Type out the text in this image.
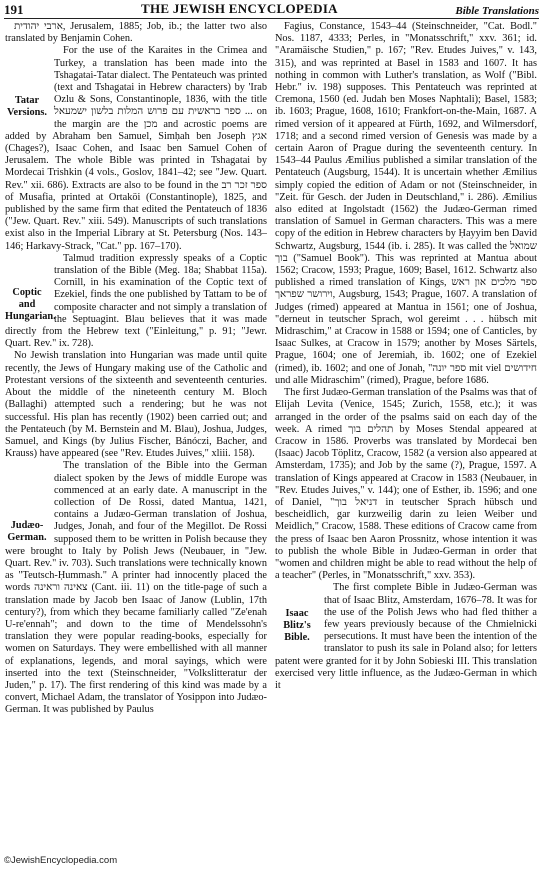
191	THE JEWISH ENCYCLOPEDIA	Bible Translations

ארבי יהודית, Jerusalem, 1885; Job, ib.; the latter two also translated by Benjamin Cohen.

Tatar Versions.

For the use of the Karaites in the Crimea and Turkey, a translation has been made into the Tshagatai-Tatar dialect. The Pentateuch was printed (text and Tshagatai in Hebrew characters) by 'Irab Ozlu & Sons, Constantinople, 1836, with the title ספר בראשית עם פרוש המלות בלשון ישמעאל ... on the margin are the מכן and acrostic poems are added by Abraham ben Samuel, Simḥah ben Joseph אגץ (Chages?), Isaac Cohen, and Isaac ben Samuel Cohen of Jerusalem. The whole Bible was printed in Tshagatai by Mordecai Trishkin (4 vols., Goslov, 1841–42; see "Jew. Quart. Rev." xii. 686). Extracts are also to be found in the ספר זכר רב of Musafia, printed at Ortaköi (Constantinople), 1825, and published by the same firm that edited the Pentateuch of 1836 ("Jew. Quart. Rev." xiii. 549). Manuscripts of such translations exist also in the Imperial Library at St. Petersburg (Nos. 143–146; Harkavy-Strack, "Cat." pp. 167–170).

Coptic and Hungarian.

Talmud tradition expressly speaks of a Coptic translation of the Bible (Meg. 18a; Shabbat 115a). Cornill, in his examination of the Coptic text of Ezekiel, finds the one published by Tattam to be of composite character and not simply a translation of the Septuagint. Blau believes that it was made directly from the Hebrew text ("Einleitung," p. 91; "Jewr. Quart. Rev." ix. 728).

No Jewish translation into Hungarian was made until quite recently, the Jews of Hungary making use of the Catholic and Protestant versions of the sixteenth and seventeenth centuries. About the middle of the nineteenth century M. Bloch (Ballaghi) attempted such a rendering; but he was not successful. His plan has recently (1902) been carried out; and the Pentateuch (by M. Bernstein and M. Blau), Joshua, Judges, Samuel, and Kings (by Julius Fischer, Bánóczi, Bacher, and Krauss) have appeared (see "Rev. Etudes Juives," xliii. 158).

Judæo-German.

The translation of the Bible into the German dialect spoken by the Jews of middle Europe was commenced at an early date. A manuscript in the collection of De Rossi, dated Mantua, 1421, contains a Judæo-German translation of Joshua, Judges, Jonah, and four of the Megillot. De Rossi supposed them to be written in Polish because they were brought to Italy by Polish Jews (Neubauer, in "Jew. Quart. Rev." iv. 703). Such translations were technically known as "Teutsch-Ḥummash." A printer had innocently placed the words צאינה וראינה (Cant. iii. 11) on the title-page of such a translation made by Jacob ben Isaac of Janow (Lublin, 17th century?), from which they became familiarly called "Ze'enah U-re'ennah"; and down to the time of Mendelssohn's translation they were popular reading-books, especially for women on Saturdays. They were embellished with all manner of explanations, legends, and moral sayings, which were inserted into the text (Steinschneider, "Volkslitteratur der Juden," p. 17). The first rendering of this kind was made by a convert, Michael Adam, the translator of Yosippon into Judæo-German. It was published by Paulus

Fagius, Constance, 1543–44 (Steinschneider, "Cat. Bodl." Nos. 1187, 4333; Perles, in "Monatsschrift," xxv. 361; id. "Aramäische Studien," p. 167; "Rev. Etudes Juives," v. 143, 315), and was reprinted at Basel in 1583 and 1607. It has nothing in common with Luther's translation, as Wolf ("Bibl. Hebr." iv. 198) supposes. This Pentateuch was reprinted at Cremona, 1560 (ed. Judah ben Moses Naphtali); Basel, 1583; ib. 1603; Prague, 1608, 1610; Frankfort-on-the-Main, 1687. A rimed version of it appeared at Fürth, 1692, and Wilmersdorf, 1718; and a second rimed version of Genesis was made by a certain Aaron of Prague during the seventeenth century. In 1543–44 Paulus Æmilius published a similar translation of the Pentateuch (Augsburg, 1544). It is uncertain whether Æmilius simply copied the edition of Adam or not (Steinschneider, in "Zeit. für Gesch. der Juden in Deutschland," i. 286). Æmilius also edited at Ingolstadt (1562) the Judæo-German rimed translation of Samuel in German characters. This was a mere copy of the edition in Hebrew characters by Ḥayyim ben David Schwartz, Augsburg, 1544 (ib. i. 285). It was called the שמואל בוך ("Samuel Book"). This was reprinted at Mantua about 1562; Cracow, 1593; Prague, 1609; Basel, 1612. Schwartz also published a rimed translation of Kings, ספר מלכים און ראש וירושר שפראך, Augsburg, 1543; Prague, 1607. A translation of Judges (rimed) appeared at Mantua in 1561; one of Joshua, "derneut in teutscher Sprach, wol gereimt . . . hübsch mit Midraschim," at Cracow in 1588 or 1594; one of Canticles, by Isaac Sulkes, at Cracow in 1579; another by Moses Särtels, Prague, 1604; one of Jeremiah, ib. 1602; one of Ezekiel (rimed), ib. 1602; and one of Jonah, "ספר יונה mit viel חידושים und alle Midraschim" (rimed), Prague, before 1686.

The first Judæo-German translation of the Psalms was that of Elijah Levita (Venice, 1545; Zurich, 1558, etc.); it was arranged in the order of the psalms said on each day of the week. A rimed תהלים בוך by Moses Stendal appeared at Cracow in 1586. Proverbs was translated by Mordecai ben (Isaac) Jacob Töplitz, Cracow, 1582 (a version also appeared at Amsterdam, 1735); and Job by the same (?), Prague, 1597. A translation of Kings appeared at Cracow in 1583 (Neubauer, in "Rev. Etudes Juives," v. 144); one of Esther, ib. 1596; and one of Daniel, "דניאל בוך in teutscher Sprach hübsch und bescheidlich, gar kurzweilig darin zu leien Weiber und Meidlich," Cracow, 1588. These editions of Cracow came from the press of Isaac ben Aaron Prossnitz, whose intention it was to publish the whole Bible in Judæo-German in order that "women and children might be able to read without the help of a teacher" (Perles, in "Monatsschrift," xxv. 353).

Isaac Blitz's Bible.

The first complete Bible in Judæo-German was that of Isaac Blitz, Amsterdam, 1676–78. It was for the use of the Polish Jews who had fled thither a few years previously because of the Chmielnicki persecutions. It must have been the intention of the translator to push its sale in Poland also; for letters patent were granted for it by John Sobieski III. This translation exercised very little influence, as the Judæo-German in which it

©JewishEncyclopedia.com
